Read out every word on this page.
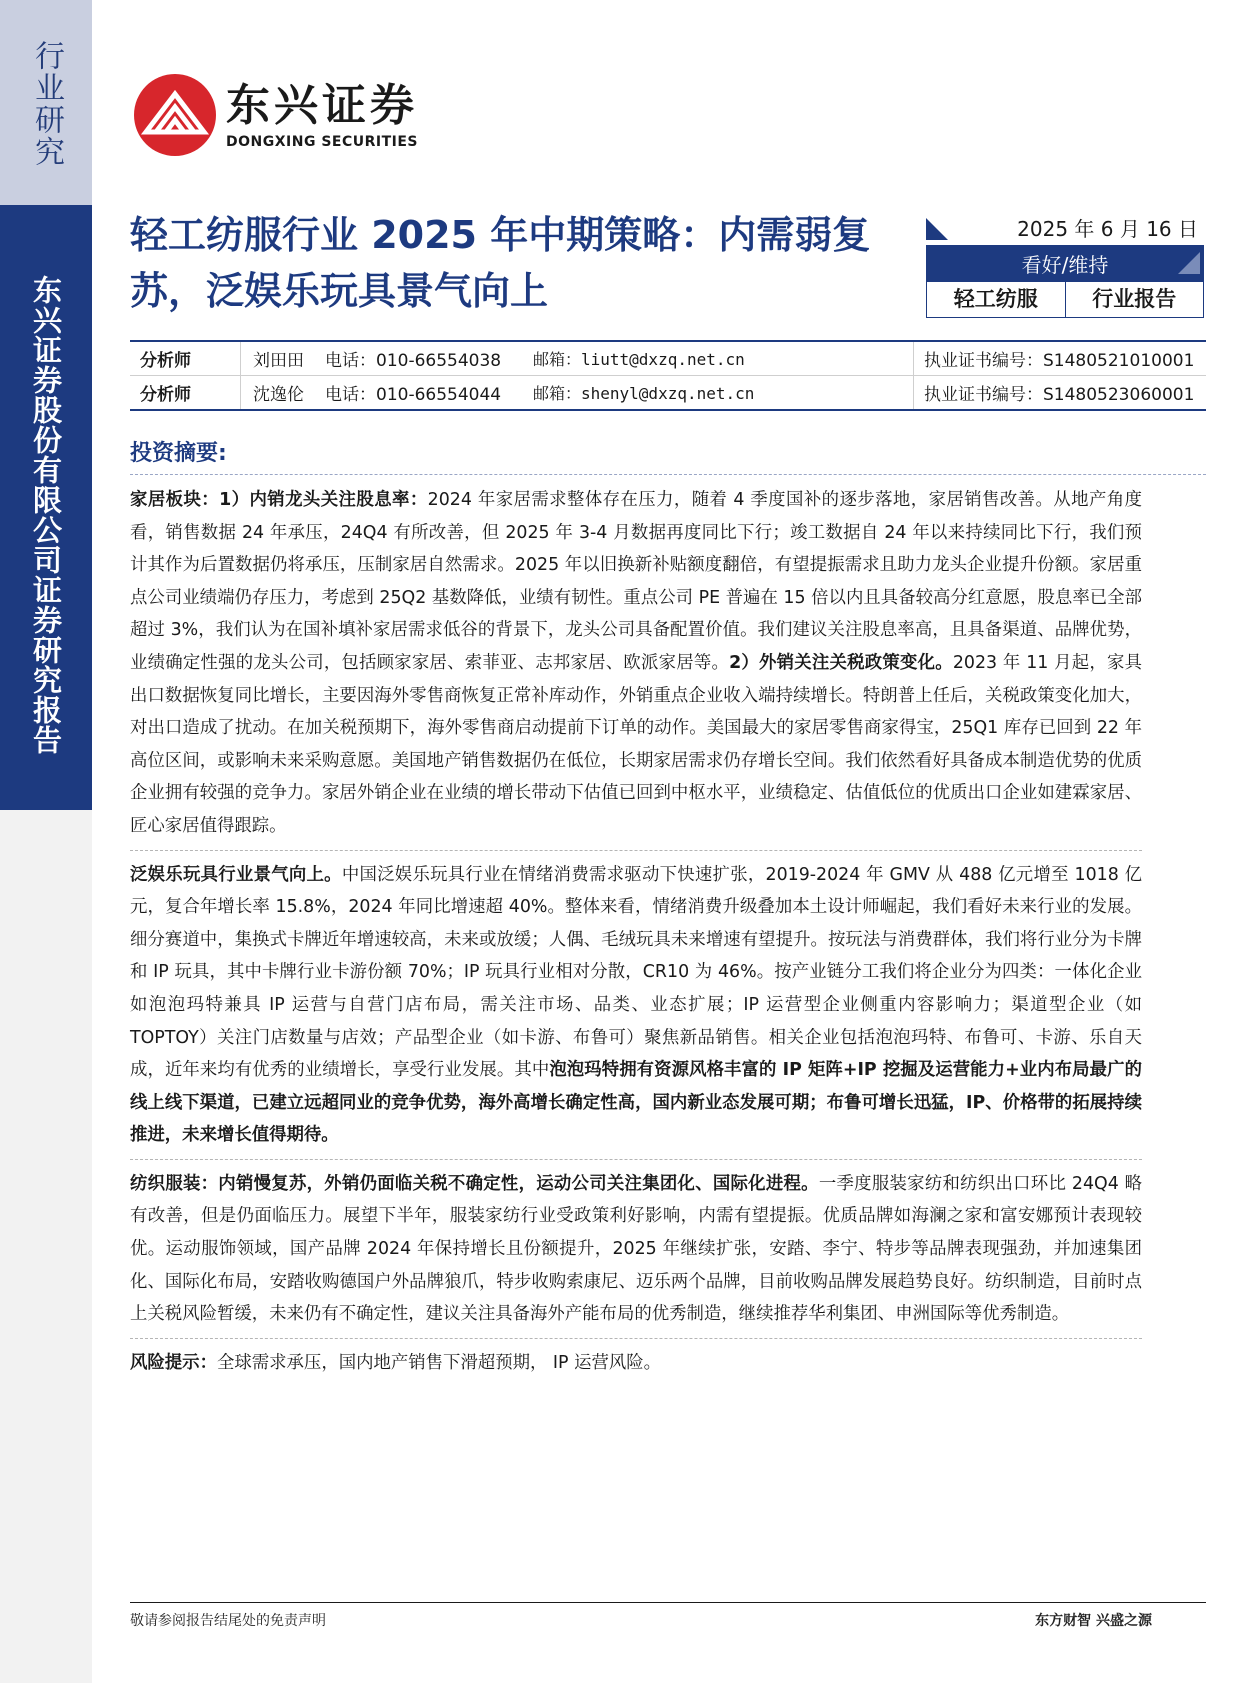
行业研究
东兴证券股份有限公司证券研究报告
东兴证券
DONGXING SECURITIES
轻工纺服行业 2025 年中期策略：内需弱复苏，泛娱乐玩具景气向上
2025 年 6 月 16 日
看好/维持
轻工纺服	行业报告
分析师	刘田田	电话：010-66554038	邮箱：liutt@dxzq.net.cn	执业证书编号：S1480521010001
分析师	沈逸伦	电话：010-66554044	邮箱：shenyl@dxzq.net.cn	执业证书编号：S1480523060001
投资摘要:

家居板块：1）内销龙头关注股息率：2024 年家居需求整体存在压力，随着 4 季度国补的逐步落地，家居销售改善。从地产角度看，销售数据 24 年承压，24Q4 有所改善，但 2025 年 3-4 月数据再度同比下行；竣工数据自 24 年以来持续同比下行，我们预计其作为后置数据仍将承压，压制家居自然需求。2025 年以旧换新补贴额度翻倍，有望提振需求且助力龙头企业提升份额。家居重点公司业绩端仍存压力，考虑到 25Q2 基数降低，业绩有韧性。重点公司 PE 普遍在 15 倍以内且具备较高分红意愿，股息率已全部超过 3%，我们认为在国补填补家居需求低谷的背景下，龙头公司具备配置价值。我们建议关注股息率高，且具备渠道、品牌优势，业绩确定性强的龙头公司，包括顾家家居、索菲亚、志邦家居、欧派家居等。2）外销关注关税政策变化。2023 年 11 月起，家具出口数据恢复同比增长，主要因海外零售商恢复正常补库动作，外销重点企业收入端持续增长。特朗普上任后，关税政策变化加大，对出口造成了扰动。在加关税预期下，海外零售商启动提前下订单的动作。美国最大的家居零售商家得宝，25Q1 库存已回到 22 年高位区间，或影响未来采购意愿。美国地产销售数据仍在低位，长期家居需求仍存增长空间。我们依然看好具备成本制造优势的优质企业拥有较强的竞争力。家居外销企业在业绩的增长带动下估值已回到中枢水平，业绩稳定、估值低位的优质出口企业如建霖家居、匠心家居值得跟踪。

泛娱乐玩具行业景气向上。中国泛娱乐玩具行业在情绪消费需求驱动下快速扩张，2019-2024 年 GMV 从 488 亿元增至 1018 亿元，复合年增长率 15.8%，2024 年同比增速超 40%。整体来看，情绪消费升级叠加本土设计师崛起，我们看好未来行业的发展。细分赛道中，集换式卡牌近年增速较高，未来或放缓；人偶、毛绒玩具未来增速有望提升。按玩法与消费群体，我们将行业分为卡牌和 IP 玩具，其中卡牌行业卡游份额 70%；IP 玩具行业相对分散，CR10 为 46%。按产业链分工我们将企业分为四类：一体化企业如泡泡玛特兼具 IP 运营与自营门店布局，需关注市场、品类、业态扩展；IP 运营型企业侧重内容影响力；渠道型企业（如 TOPTOY）关注门店数量与店效；产品型企业（如卡游、布鲁可）聚焦新品销售。相关企业包括泡泡玛特、布鲁可、卡游、乐自天成，近年来均有优秀的业绩增长，享受行业发展。其中泡泡玛特拥有资源风格丰富的 IP 矩阵+IP 挖掘及运营能力+业内布局最广的线上线下渠道，已建立远超同业的竞争优势，海外高增长确定性高，国内新业态发展可期；布鲁可增长迅猛，IP、价格带的拓展持续推进，未来增长值得期待。

纺织服装：内销慢复苏，外销仍面临关税不确定性，运动公司关注集团化、国际化进程。一季度服装家纺和纺织出口环比 24Q4 略有改善，但是仍面临压力。展望下半年，服装家纺行业受政策利好影响，内需有望提振。优质品牌如海澜之家和富安娜预计表现较优。运动服饰领域，国产品牌 2024 年保持增长且份额提升，2025 年继续扩张，安踏、李宁、特步等品牌表现强劲，并加速集团化、国际化布局，安踏收购德国户外品牌狼爪，特步收购索康尼、迈乐两个品牌，目前收购品牌发展趋势良好。纺织制造，目前时点上关税风险暂缓，未来仍有不确定性，建议关注具备海外产能布局的优秀制造，继续推荐华利集团、申洲国际等优秀制造。

风险提示：全球需求承压，国内地产销售下滑超预期， IP 运营风险。

敬请参阅报告结尾处的免责声明	东方财智 兴盛之源
